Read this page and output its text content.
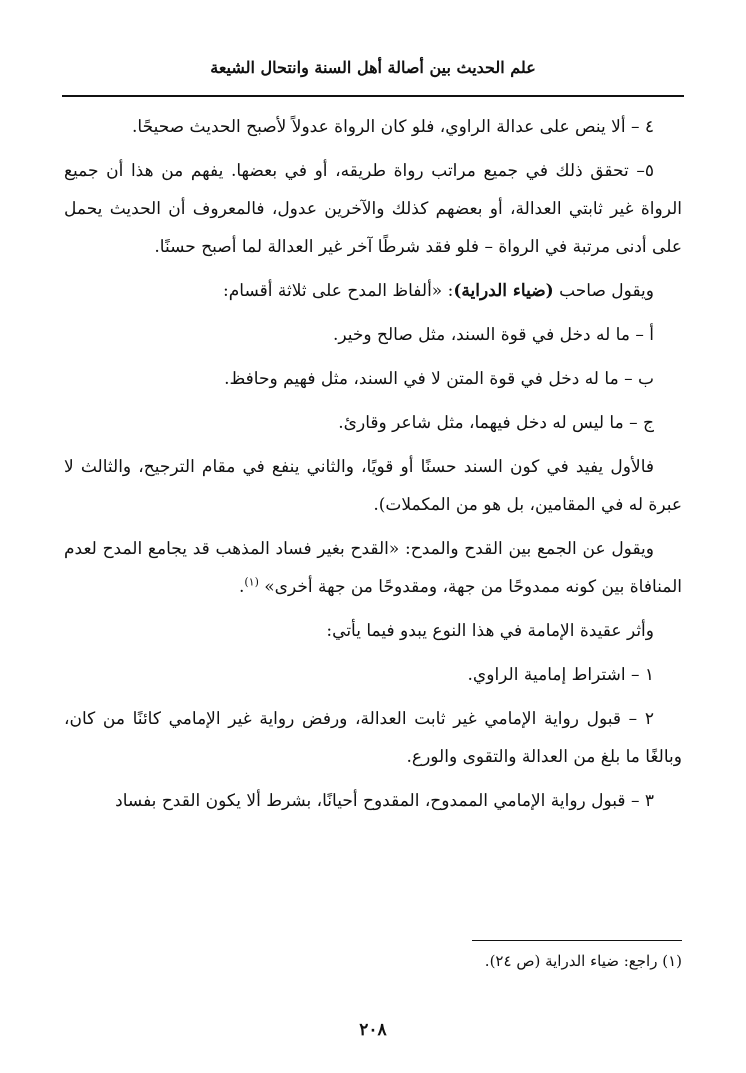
علم الحديث بين أصالة أهل السنة وانتحال الشيعة

٤ – ألا ينص على عدالة الراوي، فلو كان الرواة عدولاً لأصبح الحديث صحيحًا.

٥– تحقق ذلك في جميع مراتب رواة طريقه، أو في بعضها. يفهم من هذا أن جميع الرواة غير ثابتي العدالة، أو بعضهم كذلك والآخرين عدول، فالمعروف أن الحديث يحمل على أدنى مرتبة في الرواة – فلو فقد شرطًا آخر غير العدالة لما أصبح حسنًا.

ويقول صاحب (ضياء الدراية): «ألفاظ المدح على ثلاثة أقسام:

أ – ما له دخل في قوة السند، مثل صالح وخير.

ب – ما له دخل في قوة المتن لا في السند، مثل فهيم وحافظ.

ج – ما ليس له دخل فيهما، مثل شاعر وقارئ.

فالأول يفيد في كون السند حسنًا أو قويًا، والثاني ينفع في مقام الترجيح، والثالث لا عبرة له في المقامين، بل هو من المكملات).

ويقول عن الجمع بين القدح والمدح: «القدح بغير فساد المذهب قد يجامع المدح لعدم المنافاة بين كونه ممدوحًا من جهة، ومقدوحًا من جهة أخرى» $^{(١)}$.

وأثر عقيدة الإمامة في هذا النوع يبدو فيما يأتي:

١ – اشتراط إمامية الراوي.

٢ – قبول رواية الإمامي غير ثابت العدالة، ورفض رواية غير الإمامي كائنًا من كان، وبالغًا ما بلغ من العدالة والتقوى والورع.

٣ – قبول رواية الإمامي الممدوح، المقدوح أحيانًا، بشرط ألا يكون القدح بفساد

(١) راجع: ضياء الدراية (ص ٢٤).
٢٠٨
